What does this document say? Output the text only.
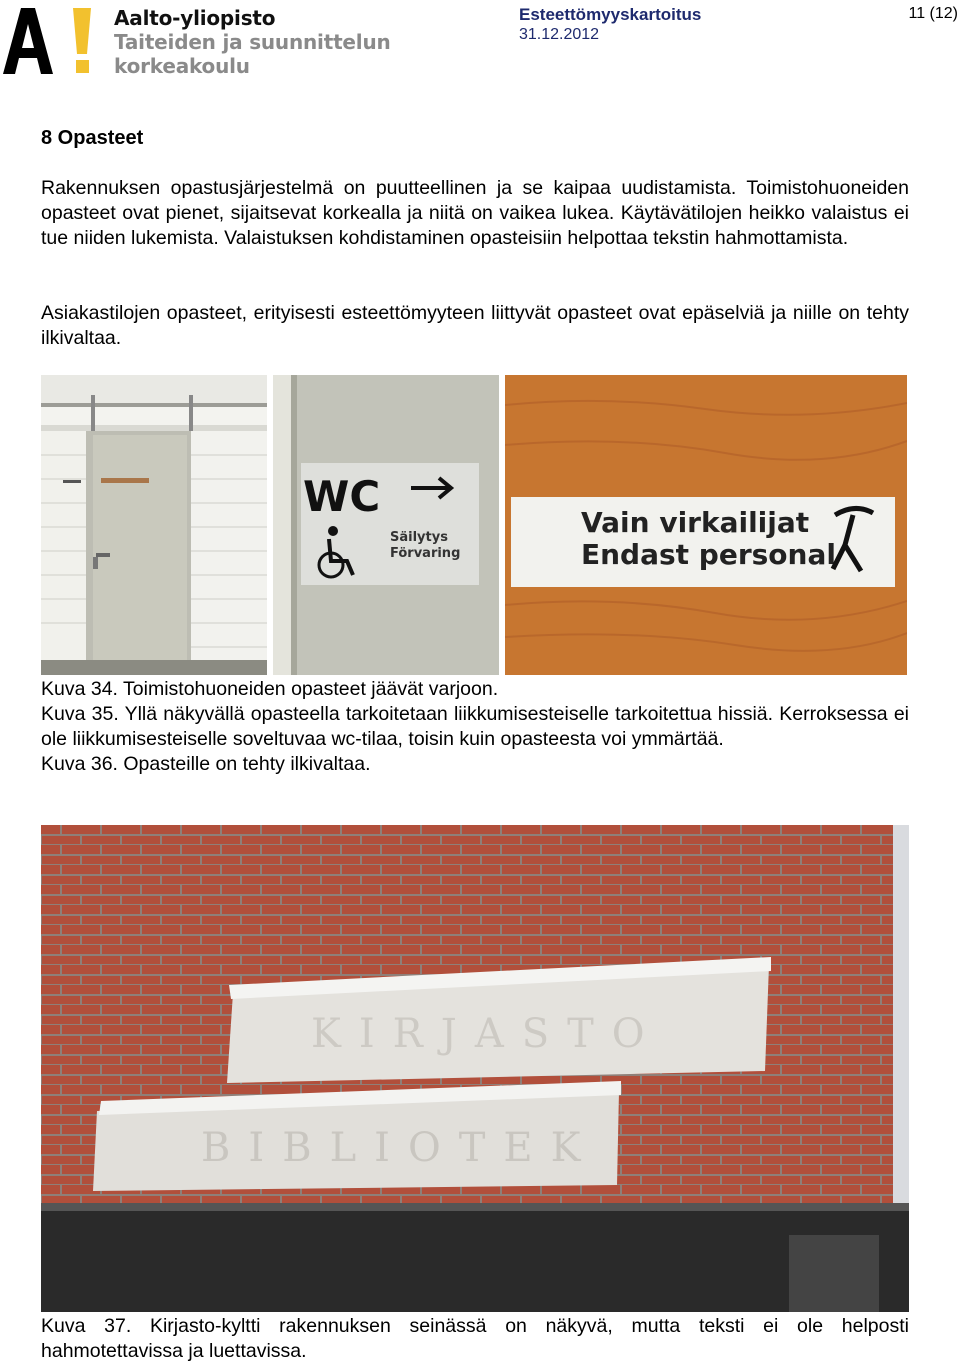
Aalto-yliopisto
Taiteiden ja suunnittelun
korkeakoulu
Esteettömyyskartoitus
31.12.2012
11 (12)
8 Opasteet
Rakennuksen opastusjärjestelmä on puutteellinen ja se kaipaa uudistamista. Toimistohuoneiden opasteet ovat pienet, sijaitsevat korkealla ja niitä on vaikea lukea. Käytävätilojen heikko valaistus ei tue niiden lukemista. Valaistuksen kohdistaminen opasteisiin helpottaa tekstin hahmottamista.
Asiakastilojen opasteet, erityisesti esteettömyyteen liittyvät opasteet ovat epäselviä ja niille on tehty ilkivaltaa.
WC
Säilytys
Förvaring
Vain virkailijat
Endast personal
Kuva 34. Toimistohuoneiden opasteet jäävät varjoon.
Kuva 35. Yllä näkyvällä opasteella tarkoitetaan liikkumisesteiselle tarkoitettua hissiä. Kerroksessa ei ole liikkumisesteiselle soveltuvaa wc-tilaa, toisin kuin opasteesta voi ymmärtää.
Kuva 36. Opasteille on tehty ilkivaltaa.
KIRJASTO
BIBLIOTEK
Kuva 37. Kirjasto-kyltti rakennuksen seinässä on näkyvä, mutta teksti ei ole helposti hahmotettavissa ja luettavissa.
